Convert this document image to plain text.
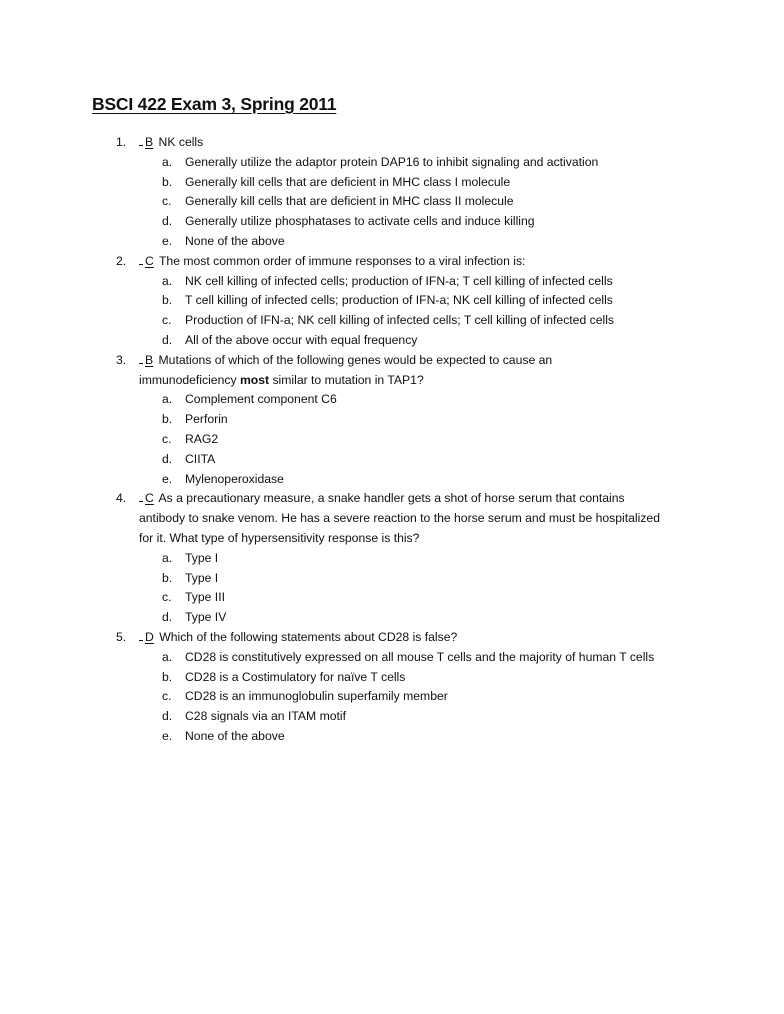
BSCI 422 Exam 3, Spring 2011
1.	B NK cells
a. Generally utilize the adaptor protein DAP16 to inhibit signaling and activation
b. Generally kill cells that are deficient in MHC class I molecule
c. Generally kill cells that are deficient in MHC class II molecule
d. Generally utilize phosphatases to activate cells and induce killing
e. None of the above
2.	C The most common order of immune responses to a viral infection is:
a. NK cell killing of infected cells; production of IFN-a; T cell killing of infected cells
b. T cell killing of infected cells; production of IFN-a; NK cell killing of infected cells
c. Production of IFN-a; NK cell killing of infected cells; T cell killing of infected cells
d. All of the above occur with equal frequency
3.	B Mutations of which of the following genes would be expected to cause an
immunodeficiency most similar to mutation in TAP1?
a. Complement component C6
b. Perforin
c. RAG2
d. CIITA
e. Mylenoperoxidase
4.	C As a precautionary measure, a snake handler gets a shot of horse serum that contains
antibody to snake venom. He has a severe reaction to the horse serum and must be hospitalized
for it. What type of hypersensitivity response is this?
a. Type I
b. Type I
c. Type III
d. Type IV
5.	D Which of the following statements about CD28 is false?
a. CD28 is constitutively expressed on all mouse T cells and the majority of human T cells
b. CD28 is a Costimulatory for naïve T cells
c. CD28 is an immunoglobulin superfamily member
d. C28 signals via an ITAM motif
e. None of the above
